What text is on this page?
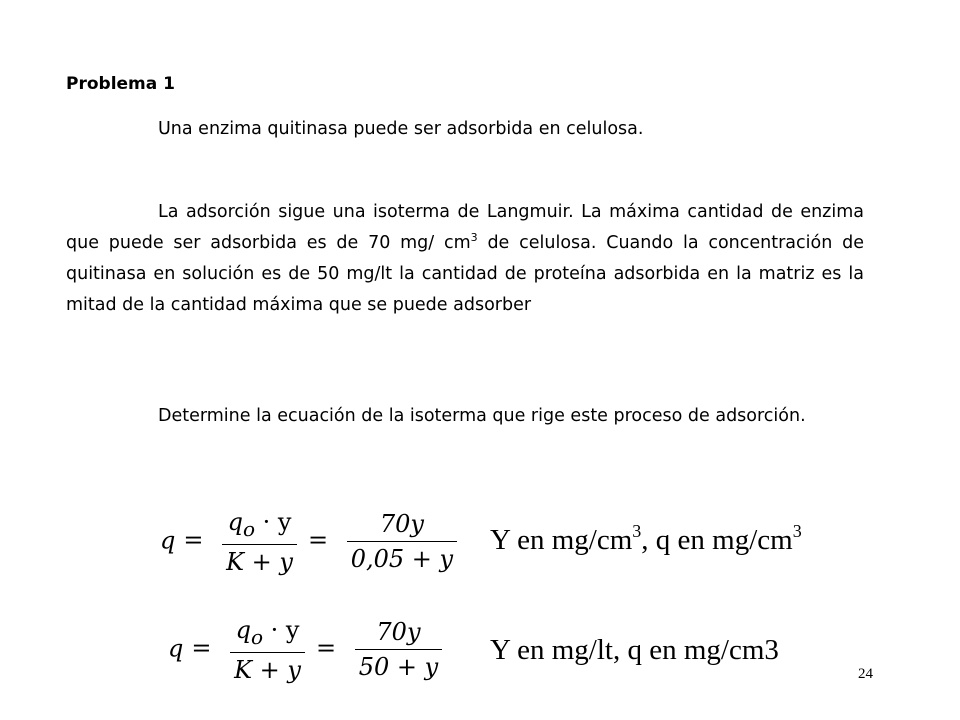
Problema 1
Una enzima quitinasa puede ser adsorbida en celulosa.
La adsorción sigue una isoterma de Langmuir. La máxima cantidad de enzima que puede ser adsorbida es de 70 mg/ $cm^3$ de celulosa. Cuando la concentración de quitinasa en solución es de 50 mg/lt la cantidad de proteína adsorbida en la matriz es la mitad de la cantidad máxima que se puede adsorber
Determine la ecuación de la isoterma que rige este proceso de adsorción.
$q = \frac{q_o \cdot y}{K + y} = \frac{70y}{0,05 + y}$ Y en $mg/cm^3$, q en $mg/cm^3$
$q = \frac{q_o \cdot y}{K + y} = \frac{70y}{50 + y}$ Y en mg/lt, q en mg/cm3
24
